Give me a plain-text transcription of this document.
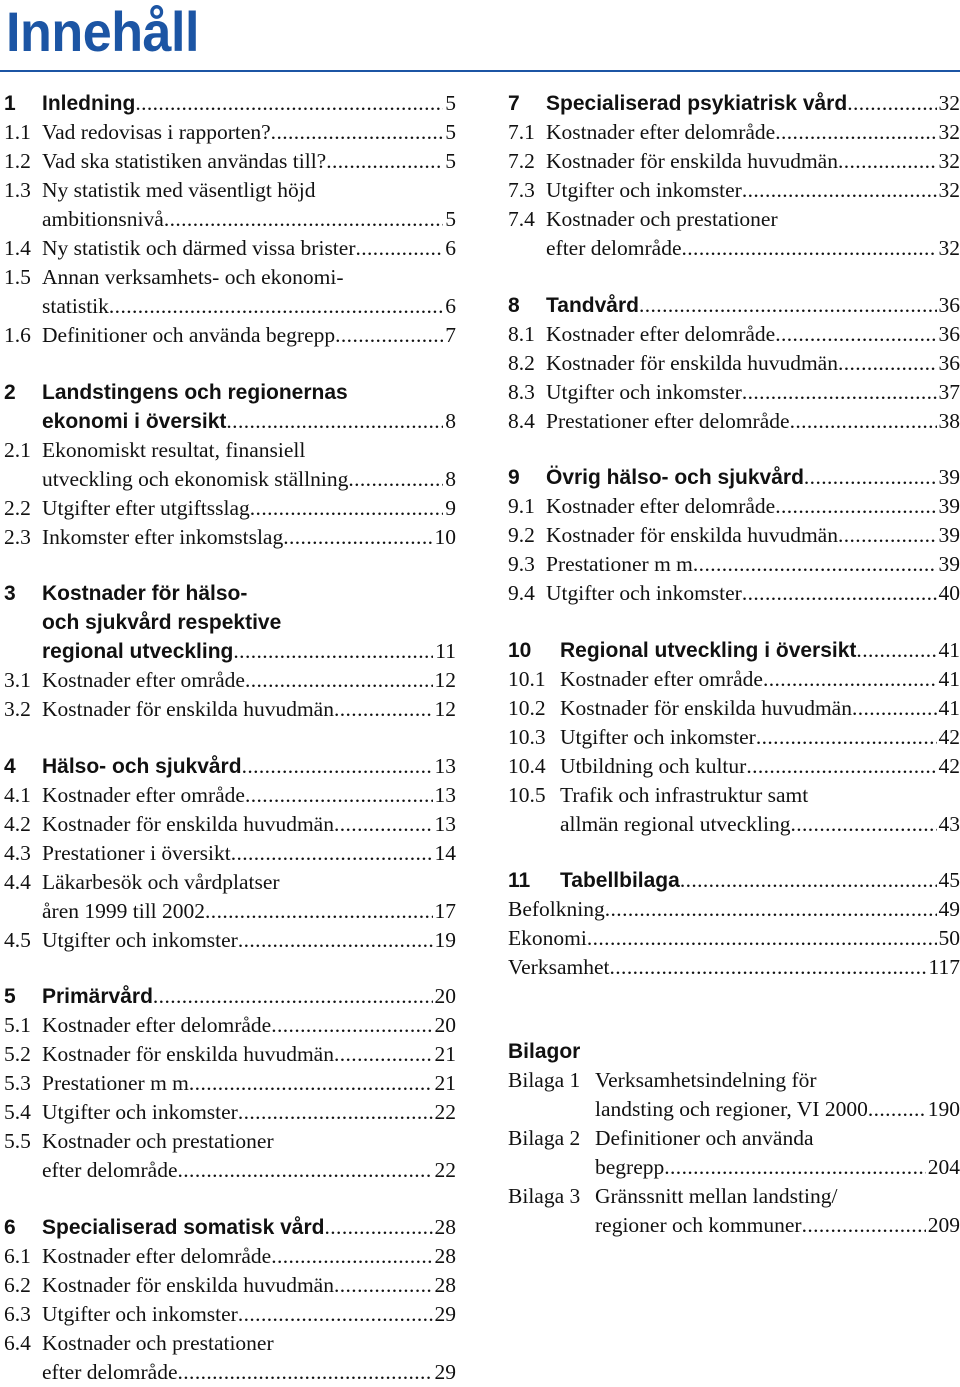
Innehåll
1	Inledning .....	5
1.1 Vad redovisas i rapporten? .....	5
1.2 Vad ska statistiken användas till? .....	5
1.3 Ny statistik med väsentligt höjd
ambitionsnivå .....	5
1.4 Ny statistik och därmed vissa brister .....	6
1.5 Annan verksamhets- och ekonomi-
statistik .....	6
1.6 Definitioner och använda begrepp .....	7
2	Landstingens och regionernas
ekonomi i översikt .....	8
2.1 Ekonomiskt resultat, finansiell
utveckling och ekonomisk ställning .....	8
2.2 Utgifter efter utgiftsslag .....	9
2.3 Inkomster efter inkomstslag .....	10
3	Kostnader för hälso-
och sjukvård respektive
regional utveckling .....	11
3.1 Kostnader efter område .....	12
3.2 Kostnader för enskilda huvudmän .....	12
4	Hälso- och sjukvård .....	13
4.1 Kostnader efter område .....	13
4.2 Kostnader för enskilda huvudmän .....	13
4.3 Prestationer i översikt .....	14
4.4 Läkarbesök och vårdplatser
åren 1999 till 2002 .....	17
4.5 Utgifter och inkomster .....	19
5	Primärvård .....	20
5.1 Kostnader efter delområde .....	20
5.2 Kostnader för enskilda huvudmän .....	21
5.3 Prestationer m m .....	21
5.4 Utgifter och inkomster .....	22
5.5 Kostnader och prestationer
efter delområde .....	22
6	Specialiserad somatisk vård .....	28
6.1 Kostnader efter delområde .....	28
6.2 Kostnader för enskilda huvudmän .....	28
6.3 Utgifter och inkomster .....	29
6.4 Kostnader och prestationer
efter delområde .....	29
7	Specialiserad psykiatrisk vård .....	32
7.1 Kostnader efter delområde .....	32
7.2 Kostnader för enskilda huvudmän .....	32
7.3 Utgifter och inkomster .....	32
7.4 Kostnader och prestationer
efter delområde .....	32
8	Tandvård .....	36
8.1 Kostnader efter delområde .....	36
8.2 Kostnader för enskilda huvudmän .....	36
8.3 Utgifter och inkomster .....	37
8.4 Prestationer efter delområde .....	38
9	Övrig hälso- och sjukvård .....	39
9.1 Kostnader efter delområde .....	39
9.2 Kostnader för enskilda huvudmän .....	39
9.3 Prestationer m m .....	39
9.4 Utgifter och inkomster .....	40
10	Regional utveckling i översikt .....	41
10.1 Kostnader efter område .....	41
10.2 Kostnader för enskilda huvudmän .....	41
10.3 Utgifter och inkomster .....	42
10.4 Utbildning och kultur .....	42
10.5 Trafik och infrastruktur samt
allmän regional utveckling .....	43
11	Tabellbilaga .....	45
Befolkning .....	49
Ekonomi .....	50
Verksamhet .....	117
Bilagor
Bilaga 1 Verksamhetsindelning för
landsting och regioner, VI 2000 .....	190
Bilaga 2 Definitioner och använda
begrepp .....	204
Bilaga 3 Gränssnitt mellan landsting/
regioner och kommuner .....	209
